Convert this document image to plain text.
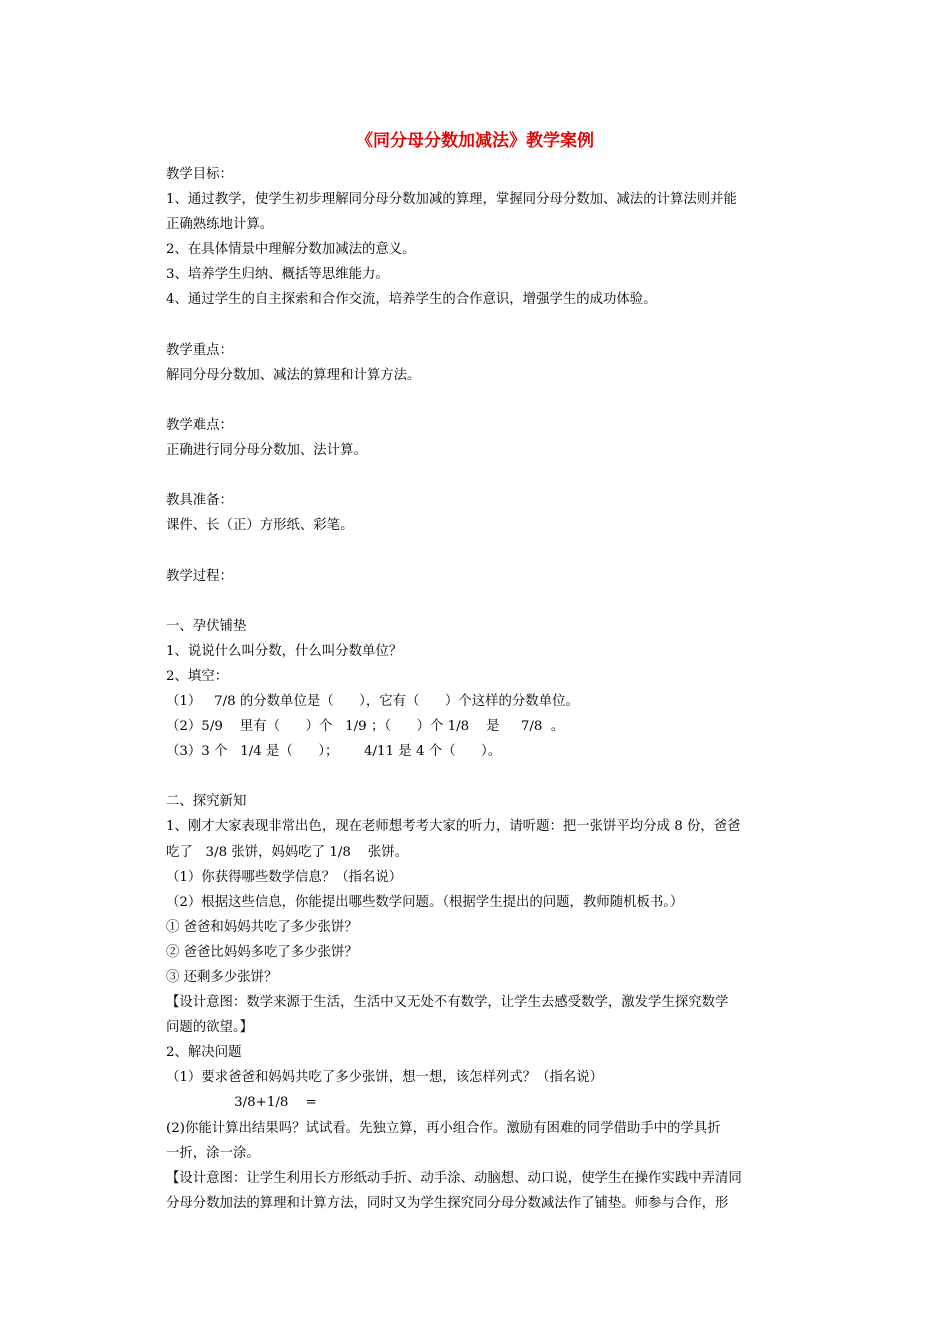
《同分母分数加减法》教学案例
教学目标：
1、通过教学，使学生初步理解同分母分数加减的算理，掌握同分母分数加、减法的计算法则并能
正确熟练地计算。
2、在具体情景中理解分数加减法的意义。
3、培养学生归纳、概括等思维能力。
4、通过学生的自主探索和合作交流，培养学生的合作意识，增强学生的成功体验。
教学重点：
解同分母分数加、减法的算理和计算方法。
教学难点：
正确进行同分母分数加、法计算。
教具准备：
课件、长（正）方形纸、彩笔。
教学过程：
一、孕伏铺垫
1、说说什么叫分数，什么叫分数单位？
2、填空：
（1）   7/8 的分数单位是（      ），它有（      ）个这样的分数单位。
（2）5/9    里有（      ）个   1/9 ；（      ）个 1/8    是     7/8  。
（3）3 个   1/4 是（      ）；      4/11 是 4 个（      ）。
二、探究新知
1、刚才大家表现非常出色，现在老师想考考大家的听力，请听题：把一张饼平均分成 8 份，爸爸
吃了   3/8 张饼，妈妈吃了 1/8    张饼。
（1）你获得哪些数学信息？（指名说）
（2）根据这些信息，你能提出哪些数学问题。（根据学生提出的问题，教师随机板书。）
① 爸爸和妈妈共吃了多少张饼？
② 爸爸比妈妈多吃了多少张饼？
③ 还剩多少张饼？
【设计意图：数学来源于生活，生活中又无处不有数学，让学生去感受数学，激发学生探究数学
问题的欲望。】
2、解决问题
（1）要求爸爸和妈妈共吃了多少张饼，想一想，该怎样列式？（指名说）
3/8+1/8    =
(2)你能计算出结果吗？试试看。先独立算，再小组合作。激励有困难的同学借助手中的学具折
一折，涂一涂。
【设计意图：让学生利用长方形纸动手折、动手涂、动脑想、动口说，使学生在操作实践中弄清同
分母分数加法的算理和计算方法，同时又为学生探究同分母分数减法作了铺垫。师参与合作，形
